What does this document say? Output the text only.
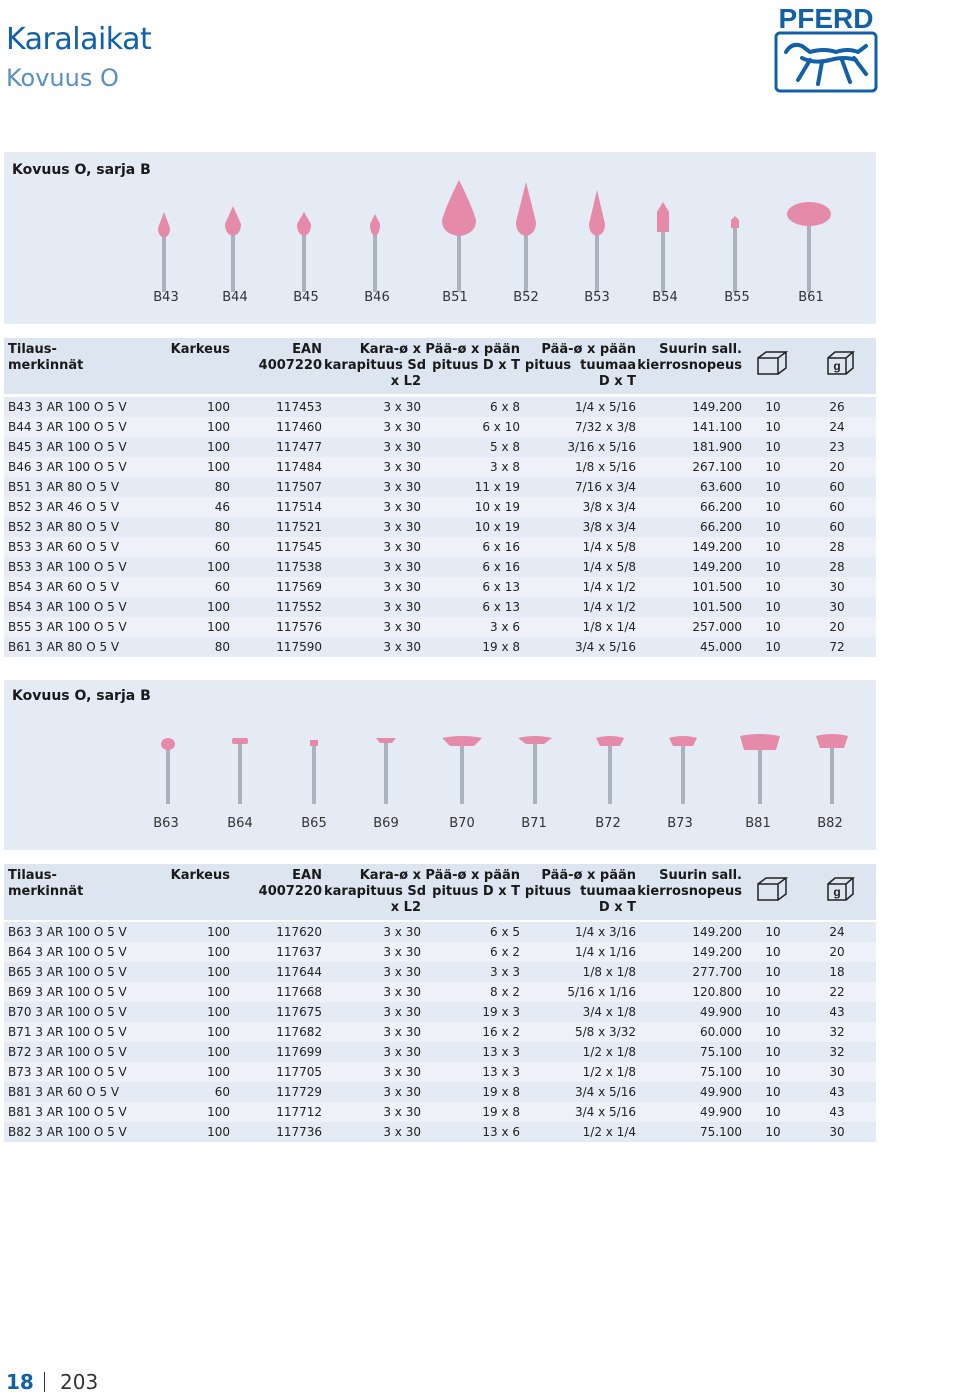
Karalaikat
Kovuus O
PFERD
Kovuus O, sarja B
B43	B44	B45	B46	B51	B52	B53	B54	B55	B61
Tilaus-
merkinnät
Karkeus	EAN
4007220
Kara-ø x
karapituus Sd
x L2
Pää-ø x pään
pituus D x T
Pää-ø x pään
pituus  tuumaa
D x T
Suurin sall.
kierrosnopeus	g
B43 3 AR 100 O 5 V	100	117453	3 x 30	6 x 8	1/4 x 5/16	149.200	10	26
B44 3 AR 100 O 5 V	100	117460	3 x 30	6 x 10	7/32 x 3/8	141.100	10	24
B45 3 AR 100 O 5 V	100	117477	3 x 30	5 x 8	3/16 x 5/16	181.900	10	23
B46 3 AR 100 O 5 V	100	117484	3 x 30	3 x 8	1/8 x 5/16	267.100	10	20
B51 3 AR 80 O 5 V	80	117507	3 x 30	11 x 19	7/16 x 3/4	63.600	10	60
B52 3 AR 46 O 5 V	46	117514	3 x 30	10 x 19	3/8 x 3/4	66.200	10	60
B52 3 AR 80 O 5 V	80	117521	3 x 30	10 x 19	3/8 x 3/4	66.200	10	60
B53 3 AR 60 O 5 V	60	117545	3 x 30	6 x 16	1/4 x 5/8	149.200	10	28
B53 3 AR 100 O 5 V	100	117538	3 x 30	6 x 16	1/4 x 5/8	149.200	10	28
B54 3 AR 60 O 5 V	60	117569	3 x 30	6 x 13	1/4 x 1/2	101.500	10	30
B54 3 AR 100 O 5 V	100	117552	3 x 30	6 x 13	1/4 x 1/2	101.500	10	30
B55 3 AR 100 O 5 V	100	117576	3 x 30	3 x 6	1/8 x 1/4	257.000	10	20
B61 3 AR 80 O 5 V	80	117590	3 x 30	19 x 8	3/4 x 5/16	45.000	10	72
Kovuus O, sarja B
B63	B64	B65	B69	B70	B71	B72	B73	B81	B82
Tilaus-
merkinnät
Karkeus	EAN
4007220
Kara-ø x
karapituus Sd
x L2
Pää-ø x pään
pituus D x T
Pää-ø x pään
pituus  tuumaa
D x T
Suurin sall.
kierrosnopeus	g
B63 3 AR 100 O 5 V	100	117620	3 x 30	6 x 5	1/4 x 3/16	149.200	10	24
B64 3 AR 100 O 5 V	100	117637	3 x 30	6 x 2	1/4 x 1/16	149.200	10	20
B65 3 AR 100 O 5 V	100	117644	3 x 30	3 x 3	1/8 x 1/8	277.700	10	18
B69 3 AR 100 O 5 V	100	117668	3 x 30	8 x 2	5/16 x 1/16	120.800	10	22
B70 3 AR 100 O 5 V	100	117675	3 x 30	19 x 3	3/4 x 1/8	49.900	10	43
B71 3 AR 100 O 5 V	100	117682	3 x 30	16 x 2	5/8 x 3/32	60.000	10	32
B72 3 AR 100 O 5 V	100	117699	3 x 30	13 x 3	1/2 x 1/8	75.100	10	32
B73 3 AR 100 O 5 V	100	117705	3 x 30	13 x 3	1/2 x 1/8	75.100	10	30
B81 3 AR 60 O 5 V	60	117729	3 x 30	19 x 8	3/4 x 5/16	49.900	10	43
B81 3 AR 100 O 5 V	100	117712	3 x 30	19 x 8	3/4 x 5/16	49.900	10	43
B82 3 AR 100 O 5 V	100	117736	3 x 30	13 x 6	1/2 x 1/4	75.100	10	30
18 203
